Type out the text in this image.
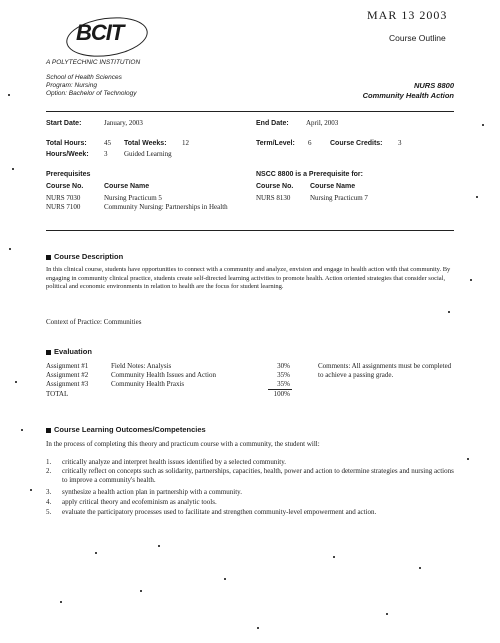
MAR 13 2003
Course Outline
BCIT
A POLYTECHNIC INSTITUTION
School of Health Sciences
Program: Nursing
Option: Bachelor of Technology
NURS 8800
Community Health Action
Start Date:	January, 2003	End Date: April, 2003
Total Hours: 45 Total Weeks: 12	Term/Level: 6	Course Credits: 3
Hours/Week: 3 Guided Learning
Prerequisites
Course No.	Course Name
NURS 7030	Nursing Practicum 5
NURS 7100	Community Nursing: Partnerships in Health
NSCC 8800 is a Prerequisite for:
Course No. Course Name
NURS 8130	Nursing Practicum 7
Course Description
In this clinical course, students have opportunities to connect with a community and analyze, envision and engage in health action with that community. By engaging in community clinical practice, students create self-directed learning activities to promote health. Action oriented strategies that consider social, political and economic environments in relation to health are the focus for student learning.
Context of Practice: Communities
Evaluation
Assignment #1	Field Notes: Analysis	30%
Assignment #2	Community Health Issues and Action	35%
Assignment #3	Community Health Praxis	35%
TOTAL	100%
Comments: All assignments must be completed to achieve a passing grade.
Course Learning Outcomes/Competencies
In the process of completing this theory and practicum course with a community, the student will:
1. critically analyze and interpret health issues identified by a selected community.
2. critically reflect on concepts such as solidarity, partnerships, capacities, health, power and action to determine strategies and nursing actions to improve a community's health.
3. synthesize a health action plan in partnership with a community.
4. apply critical theory and ecofeminism as analytic tools.
5. evaluate the participatory processes used to facilitate and strengthen community-level empowerment and action.
